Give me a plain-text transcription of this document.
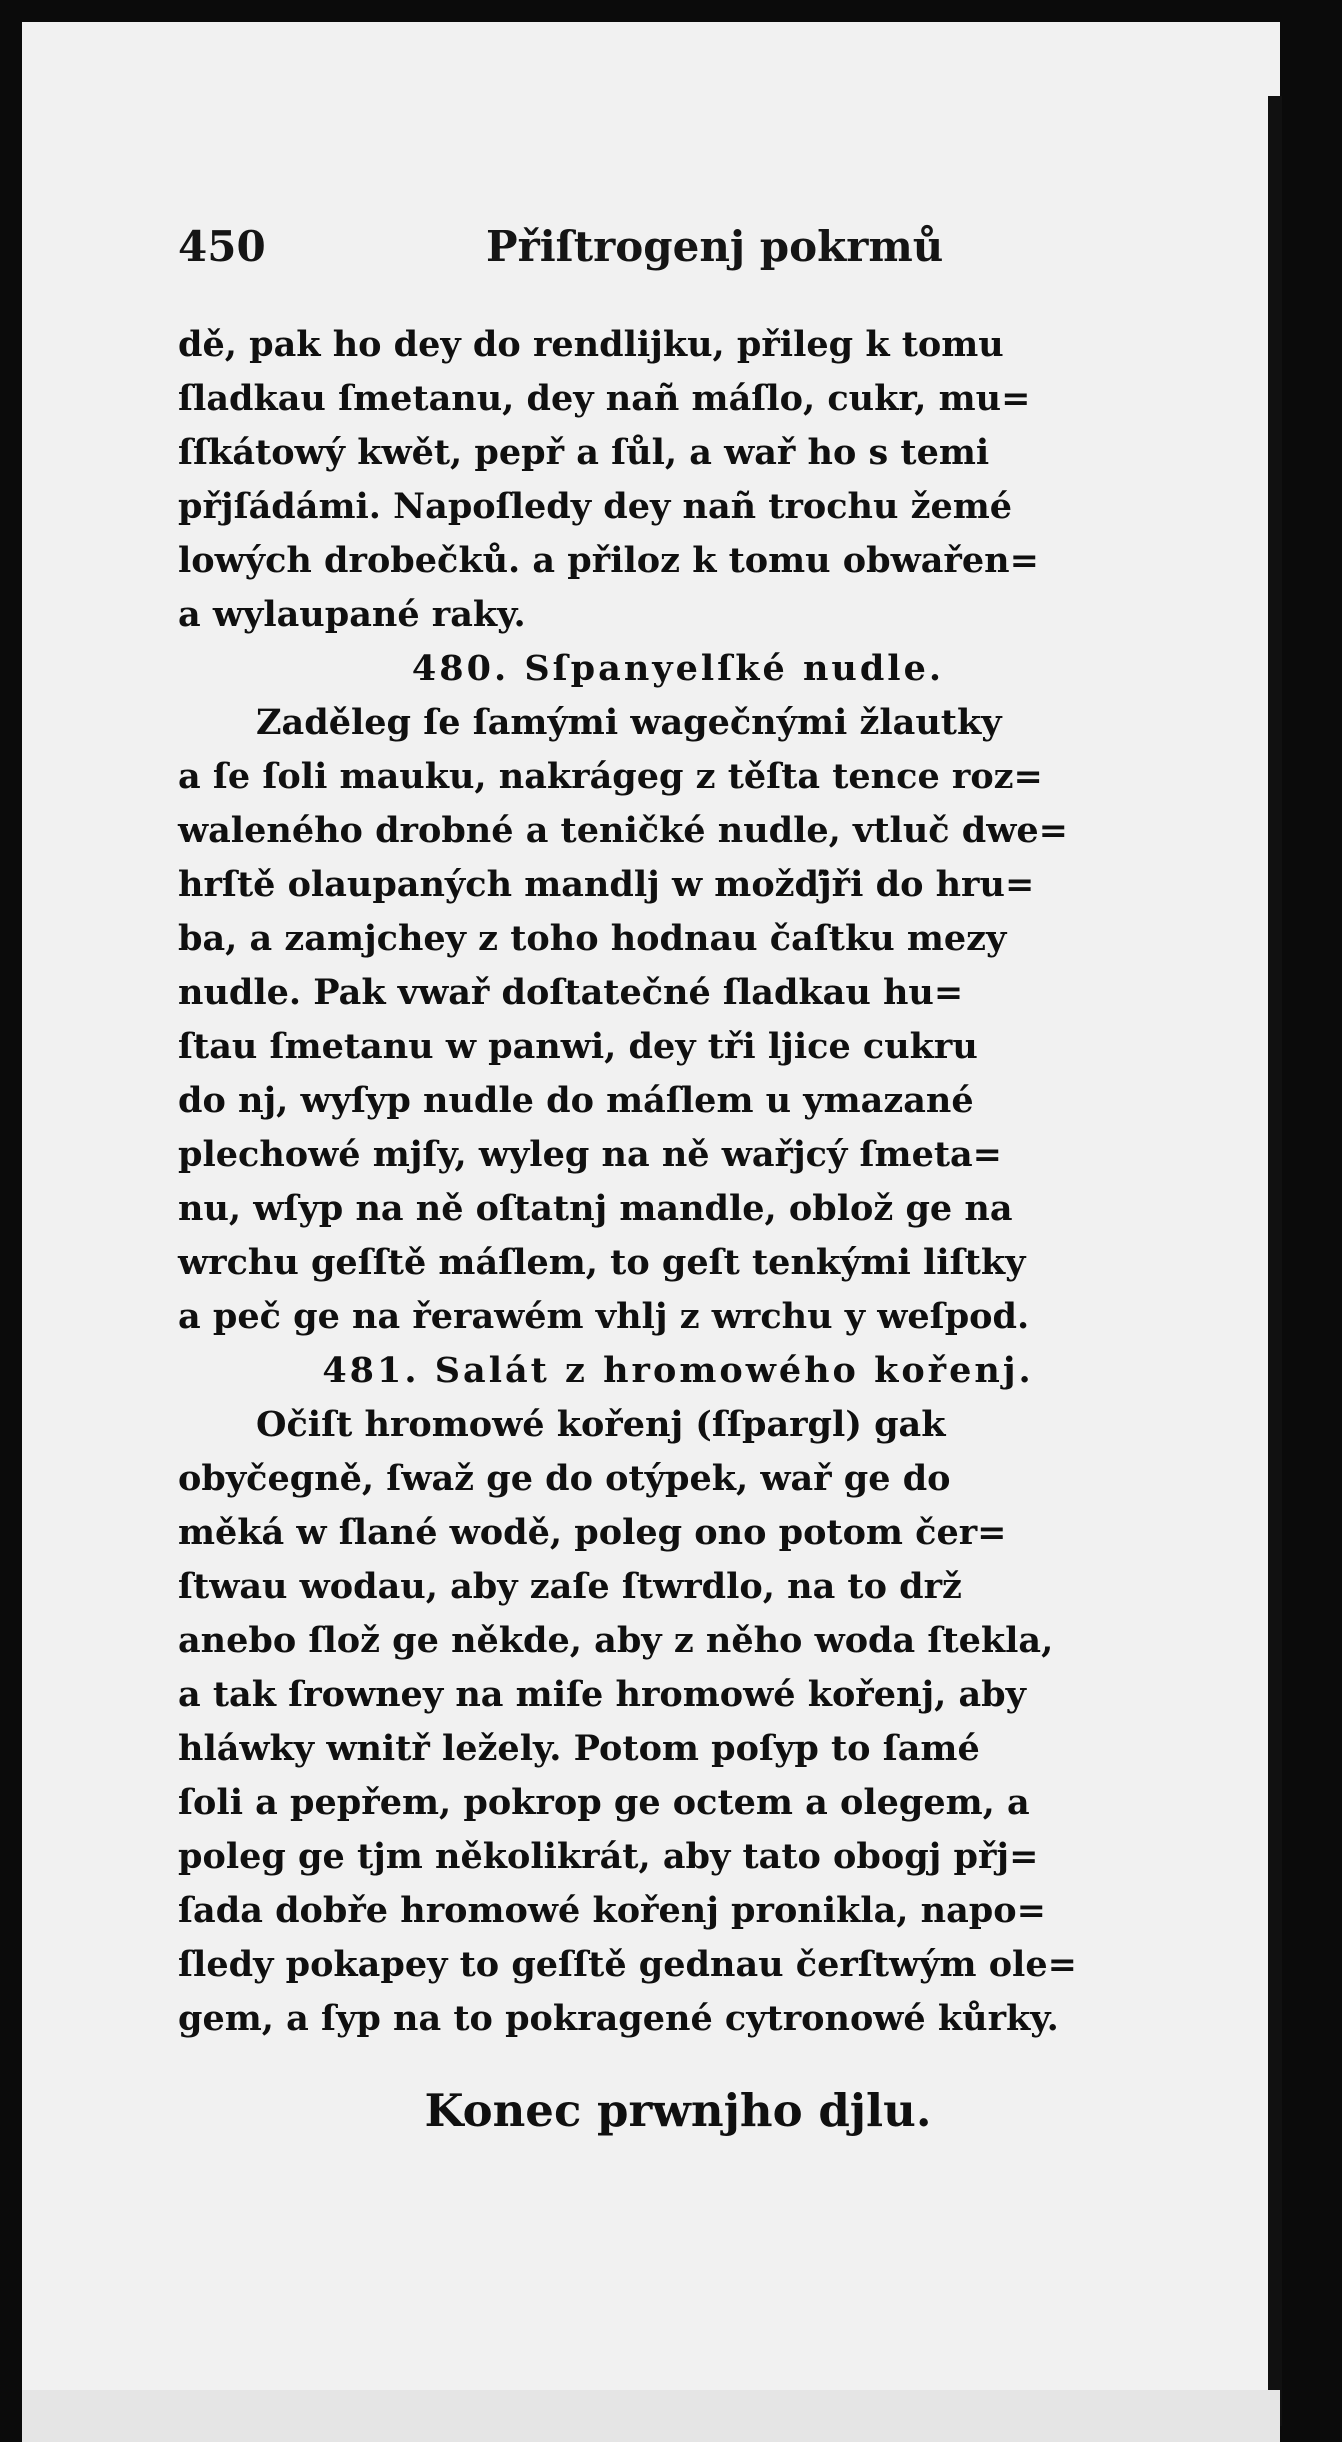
450	Přiſtrogenj pokrmů
dě, pak ho dey do rendlijku, přileg k tomu
ſladkau ſmetanu, dey nañ máſlo, cukr, mu=
ſſkátowý kwět, pepř a ſůl, a wař ho s temi
přjſádámi. Napoſledy dey nañ trochu žemé
lowých drobečků. a přiloz k tomu obwařen=
a wylaupané raky.
480. Sſpanyelſké nudle.
Zaděleg ſe ſamými wagečnými žlautky
a ſe ſoli mauku, nakrágeg z těſta tence roz=
waleného drobné a teničké nudle, vtluč dwe=
hrſtě olaupaných mandlj w možďjři do hru=
ba, a zamjchey z toho hodnau čaſtku mezy
nudle. Pak vwař doſtatečné ſladkau hu=
ſtau ſmetanu w panwi, dey tři ljice cukru
do nj, wyſyp nudle do máſlem u ymazané
plechowé mjſy, wyleg na ně wařjcý ſmeta=
nu, wſyp na ně oſtatnj mandle, oblož ge na
wrchu geſſtě máſlem, to geſt tenkými liſtky
a peč ge na řerawém vhlj z wrchu y weſpod.
481. Salát z hromowého kořenj.
Očiſt hromowé kořenj (ſſpargl) gak
obyčegně, ſwaž ge do otýpek, wař ge do
měká w ſlané wodě, poleg ono potom čer=
ſtwau wodau, aby zaſe ſtwrdlo, na to drž
anebo ſlož ge někde, aby z něho woda ſtekla,
a tak ſrowney na miſe hromowé kořenj, aby
hláwky wnitř ležely. Potom poſyp to ſamé
ſoli a pepřem, pokrop ge octem a olegem, a
poleg ge tjm několikrát, aby tato obogj přj=
ſada dobře hromowé kořenj pronikla, napo=
ſledy pokapey to geſſtě gednau čerſtwým ole=
gem, a ſyp na to pokragené cytronowé kůrky.
Konec prwnjho djlu.
